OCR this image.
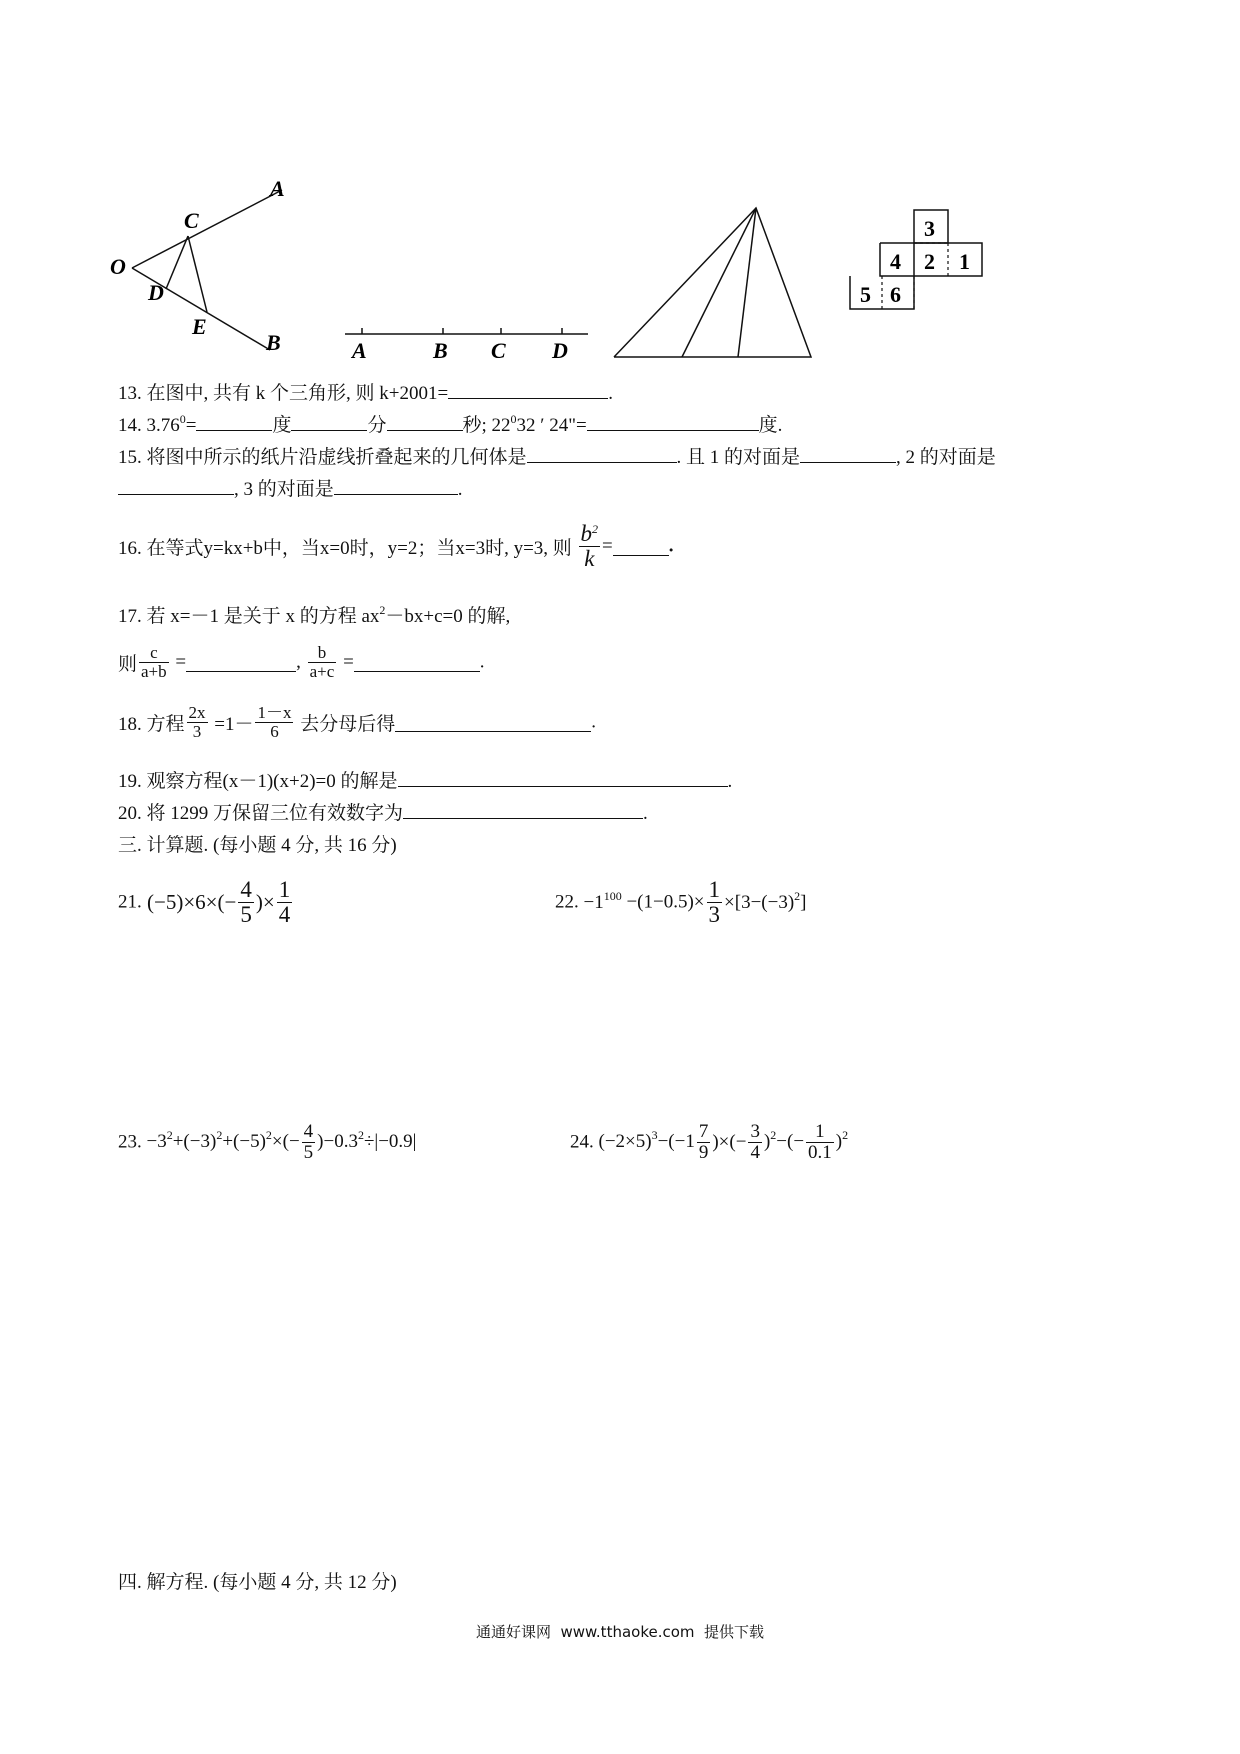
O
A
C
D
E
B	A	B C D
3
4 2 1
5 6
13. 在图中, 共有 k 个三角形, 则 k+2001=	.
14. $3.76^0=$	度	分	秒; $22^032$ ′ 24"=	度.
15. 将图中所示的纸片沿虚线折叠起来的几何体是	. 且 1 的对面是	, 2 的对面是
, 3 的对面是	.
16. 在等式y=kx+b中，当x=0时，y=2；当x=3时, y=3, 则 $\frac{b^2}{k}$ =	.
17. 若 x=－1 是关于 x 的方程 $ax^2-bx+c=0$ 的解,
则 $\frac{c}{a+b}$ =	, $\frac{b}{a+c}$ =	.
18. 方程 $\frac{2x}{3} =1- \frac{1-x}{6}$ 去分母后得	.
19. 观察方程(x－1)(x+2)=0 的解是	.
20. 将 1299 万保留三位有效数字为	.
三. 计算题. (每小题 4 分, 共 16 分)
21. $(-5)\times 6\times(- \frac{4}{5}$ )× $\frac{1}{4}$	22. $-1^{100} -(1-0.5)\times \frac{1}{3} \times[3-(-3)^2]$
23. $-3^2+(-3)^2+(-5)^2\times(- \frac{4}{5} )-0.3^2\div|-0.9|$	24. $(-2\times 5)^3-(-1 \frac{7}{9}$ )×(− $\frac{3}{4} )^2-(- \frac{1}{0.1} )^2$
四. 解方程. (每小题 4 分, 共 12 分)
通通好课网  www.tthaoke.com  提供下载
